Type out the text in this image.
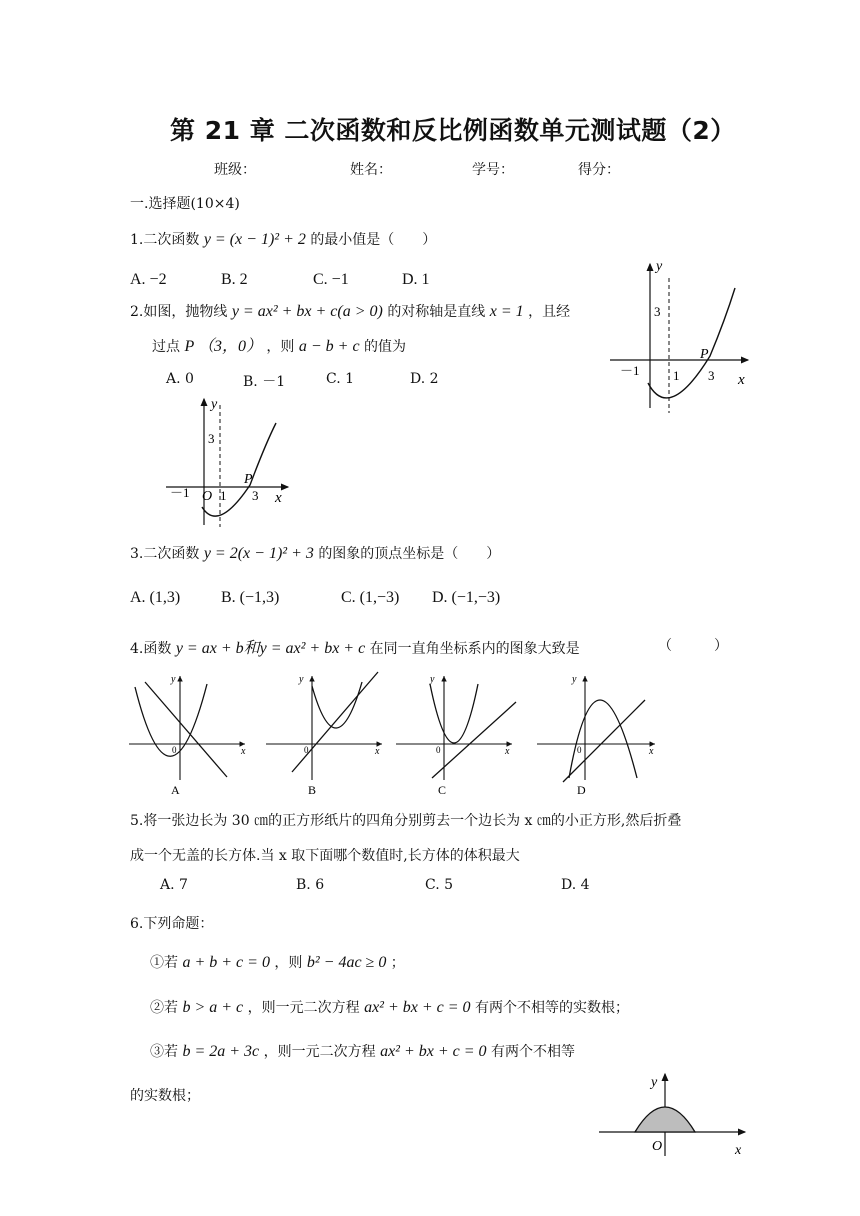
第 21 章 二次函数和反比例函数单元测试题（2）
班级：	姓名：	学号：	得分：
一.选择题(10×4)
1.二次函数 y = (x − 1)² + 2 的最小值是（　　）
A. −2	B. 2	C. −1	D. 1
2.如图，抛物线 y = ax² + bx + c(a > 0) 的对称轴是直线 x = 1 ，且经
过点 P （3，0） ，则 a − b + c 的值为
A. 0	B. －1	C. 1	D. 2
y
x
3
－1	1 3
P
y
x
3
－1 O 1 3
P
3.二次函数 y = 2(x − 1)² + 3 的图象的顶点坐标是（　　）
A. (1,3)	B. (−1,3)	C. (1,−3) D. (−1,−3)
4.函数 y = ax + b和y = ax² + bx + c 在同一直角坐标系内的图象大致是	（　　　）
x
y
0
A
x
y
0
B
x
y
0
C
x
y
0
D
5.将一张边长为 30 ㎝的正方形纸片的四角分别剪去一个边长为 x ㎝的小正方形,然后折叠
成一个无盖的长方体.当 x 取下面哪个数值时,长方体的体积最大
A. 7	B. 6	C. 5	D. 4
6.下列命题：
①若 a + b + c = 0 ，则 b² − 4ac ≥ 0 ；
②若 b > a + c ，则一元二次方程 ax² + bx + c = 0 有两个不相等的实数根；
③若 b = 2a + 3c ，则一元二次方程 ax² + bx + c = 0 有两个不相等
的实数根；
y
x
O
